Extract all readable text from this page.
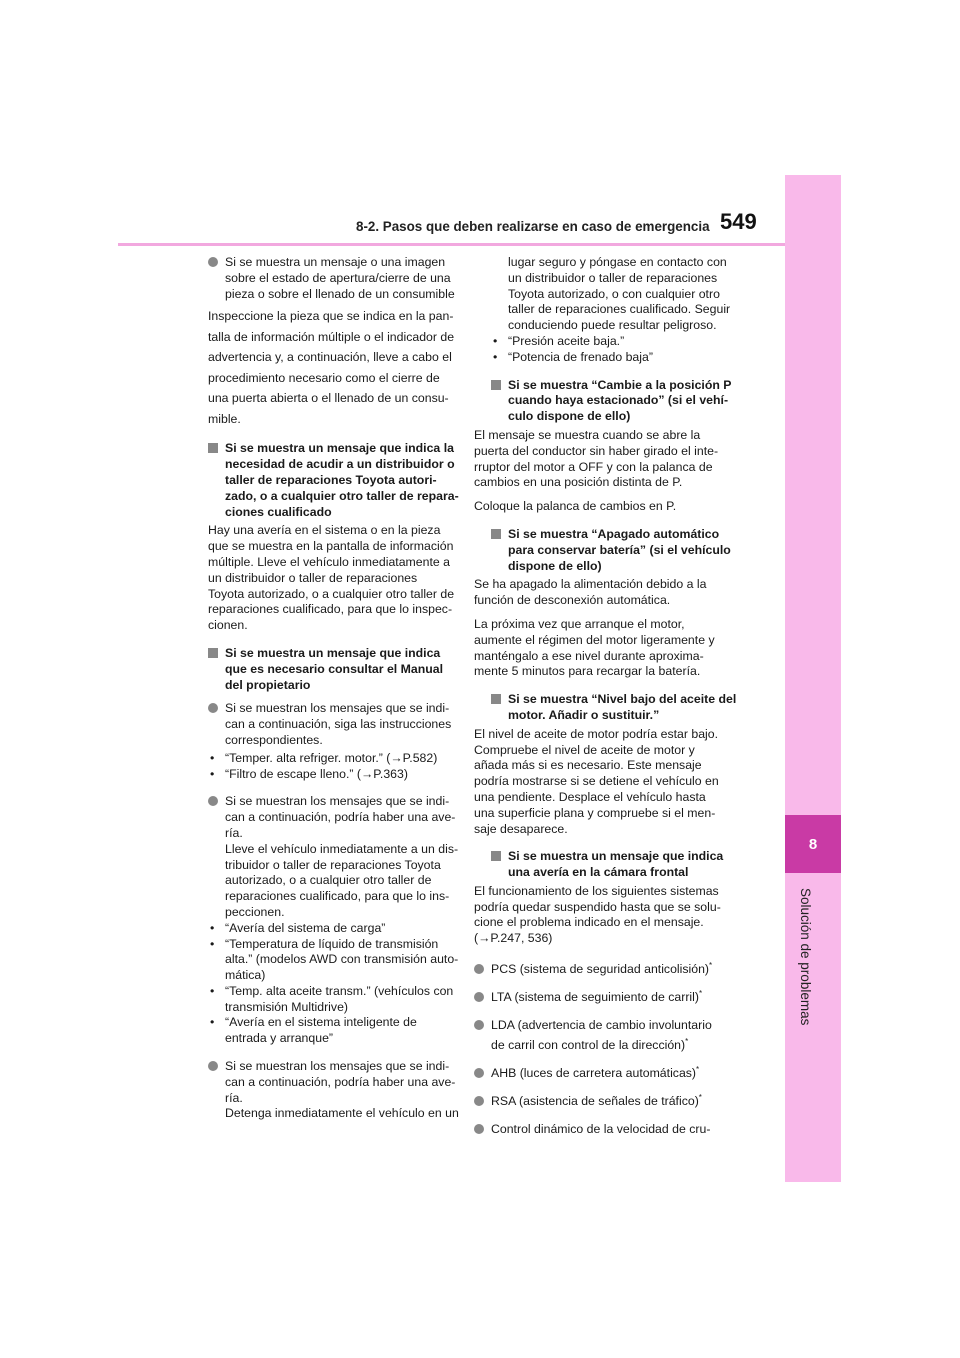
8
Solución de problemas
8-2. Pasos que deben realizarse en caso de emergencia 549
Si se muestra un mensaje o una imagen
sobre el estado de apertura/cierre de una
pieza o sobre el llenado de un consumible
Inspeccione la pieza que se indica en la pan-
talla de información múltiple o el indicador de
advertencia y, a continuación, lleve a cabo el
procedimiento necesario como el cierre de
una puerta abierta o el llenado de un consu-
mible.
Si se muestra un mensaje que indica la
necesidad de acudir a un distribuidor o
taller de reparaciones Toyota autori-
zado, o a cualquier otro taller de repara-
ciones cualificado
Hay una avería en el sistema o en la pieza
que se muestra en la pantalla de información
múltiple. Lleve el vehículo inmediatamente a
un distribuidor o taller de reparaciones
Toyota autorizado, o a cualquier otro taller de
reparaciones cualificado, para que lo inspec-
cionen.
Si se muestra un mensaje que indica
que es necesario consultar el Manual
del propietario
Si se muestran los mensajes que se indi-
can a continuación, siga las instrucciones
correspondientes.
• “Temper. alta refriger. motor.” (→P.582)
• “Filtro de escape lleno.” (→P.363)
Si se muestran los mensajes que se indi-
can a continuación, podría haber una ave-
ría.
Lleve el vehículo inmediatamente a un dis-
tribuidor o taller de reparaciones Toyota
autorizado, o a cualquier otro taller de
reparaciones cualificado, para que lo ins-
peccionen.
• “Avería del sistema de carga”
• “Temperatura de líquido de transmisión
alta.” (modelos AWD con transmisión auto-
mática)
• “Temp. alta aceite transm.” (vehículos con
transmisión Multidrive)
• “Avería en el sistema inteligente de
entrada y arranque”
Si se muestran los mensajes que se indi-
can a continuación, podría haber una ave-
ría.
Detenga inmediatamente el vehículo en un
lugar seguro y póngase en contacto con
un distribuidor o taller de reparaciones
Toyota autorizado, o con cualquier otro
taller de reparaciones cualificado. Seguir
conduciendo puede resultar peligroso.
• “Presión aceite baja.”
• “Potencia de frenado baja”
Si se muestra “Cambie a la posición P
cuando haya estacionado” (si el vehí-
culo dispone de ello)
El mensaje se muestra cuando se abre la
puerta del conductor sin haber girado el inte-
rruptor del motor a OFF y con la palanca de
cambios en una posición distinta de P.
Coloque la palanca de cambios en P.
Si se muestra “Apagado automático
para conservar batería” (si el vehículo
dispone de ello)
Se ha apagado la alimentación debido a la
función de desconexión automática.
La próxima vez que arranque el motor,
aumente el régimen del motor ligeramente y
manténgalo a ese nivel durante aproxima-
mente 5 minutos para recargar la batería.
Si se muestra “Nivel bajo del aceite del
motor. Añadir o sustituir.”
El nivel de aceite de motor podría estar bajo.
Compruebe el nivel de aceite de motor y
añada más si es necesario. Este mensaje
podría mostrarse si se detiene el vehículo en
una pendiente. Desplace el vehículo hasta
una superficie plana y compruebe si el men-
saje desaparece.
Si se muestra un mensaje que indica
una avería en la cámara frontal
El funcionamiento de los siguientes sistemas
podría quedar suspendido hasta que se solu-
cione el problema indicado en el mensaje.
(→P.247, 536)
PCS (sistema de seguridad anticolisión)*
LTA (sistema de seguimiento de carril)*
LDA (advertencia de cambio involuntario
de carril con control de la dirección)*
AHB (luces de carretera automáticas)*
RSA (asistencia de señales de tráfico)*
Control dinámico de la velocidad de cru-
